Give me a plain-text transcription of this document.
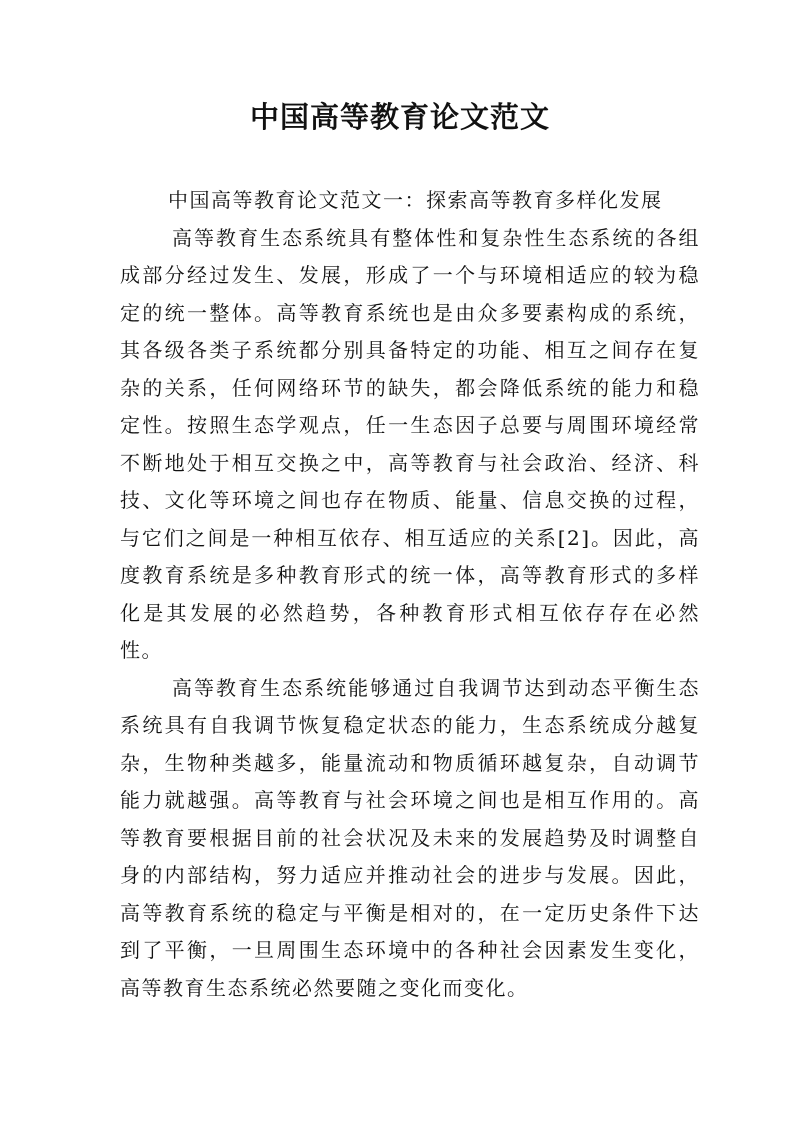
中国高等教育论文范文

中国高等教育论文范文一：探索高等教育多样化发展

高等教育生态系统具有整体性和复杂性生态系统的各组成部分经过发生、发展，形成了一个与环境相适应的较为稳定的统一整体。高等教育系统也是由众多要素构成的系统，其各级各类子系统都分别具备特定的功能、相互之间存在复杂的关系，任何网络环节的缺失，都会降低系统的能力和稳定性。按照生态学观点，任一生态因子总要与周围环境经常不断地处于相互交换之中，高等教育与社会政治、经济、科技、文化等环境之间也存在物质、能量、信息交换的过程，与它们之间是一种相互依存、相互适应的关系[2]。因此，高度教育系统是多种教育形式的统一体，高等教育形式的多样化是其发展的必然趋势，各种教育形式相互依存存在必然性。

高等教育生态系统能够通过自我调节达到动态平衡生态系统具有自我调节恢复稳定状态的能力，生态系统成分越复杂，生物种类越多，能量流动和物质循环越复杂，自动调节能力就越强。高等教育与社会环境之间也是相互作用的。高等教育要根据目前的社会状况及未来的发展趋势及时调整自身的内部结构，努力适应并推动社会的进步与发展。因此，高等教育系统的稳定与平衡是相对的，在一定历史条件下达到了平衡，一旦周围生态环境中的各种社会因素发生变化，高等教育生态系统必然要随之变化而变化。
